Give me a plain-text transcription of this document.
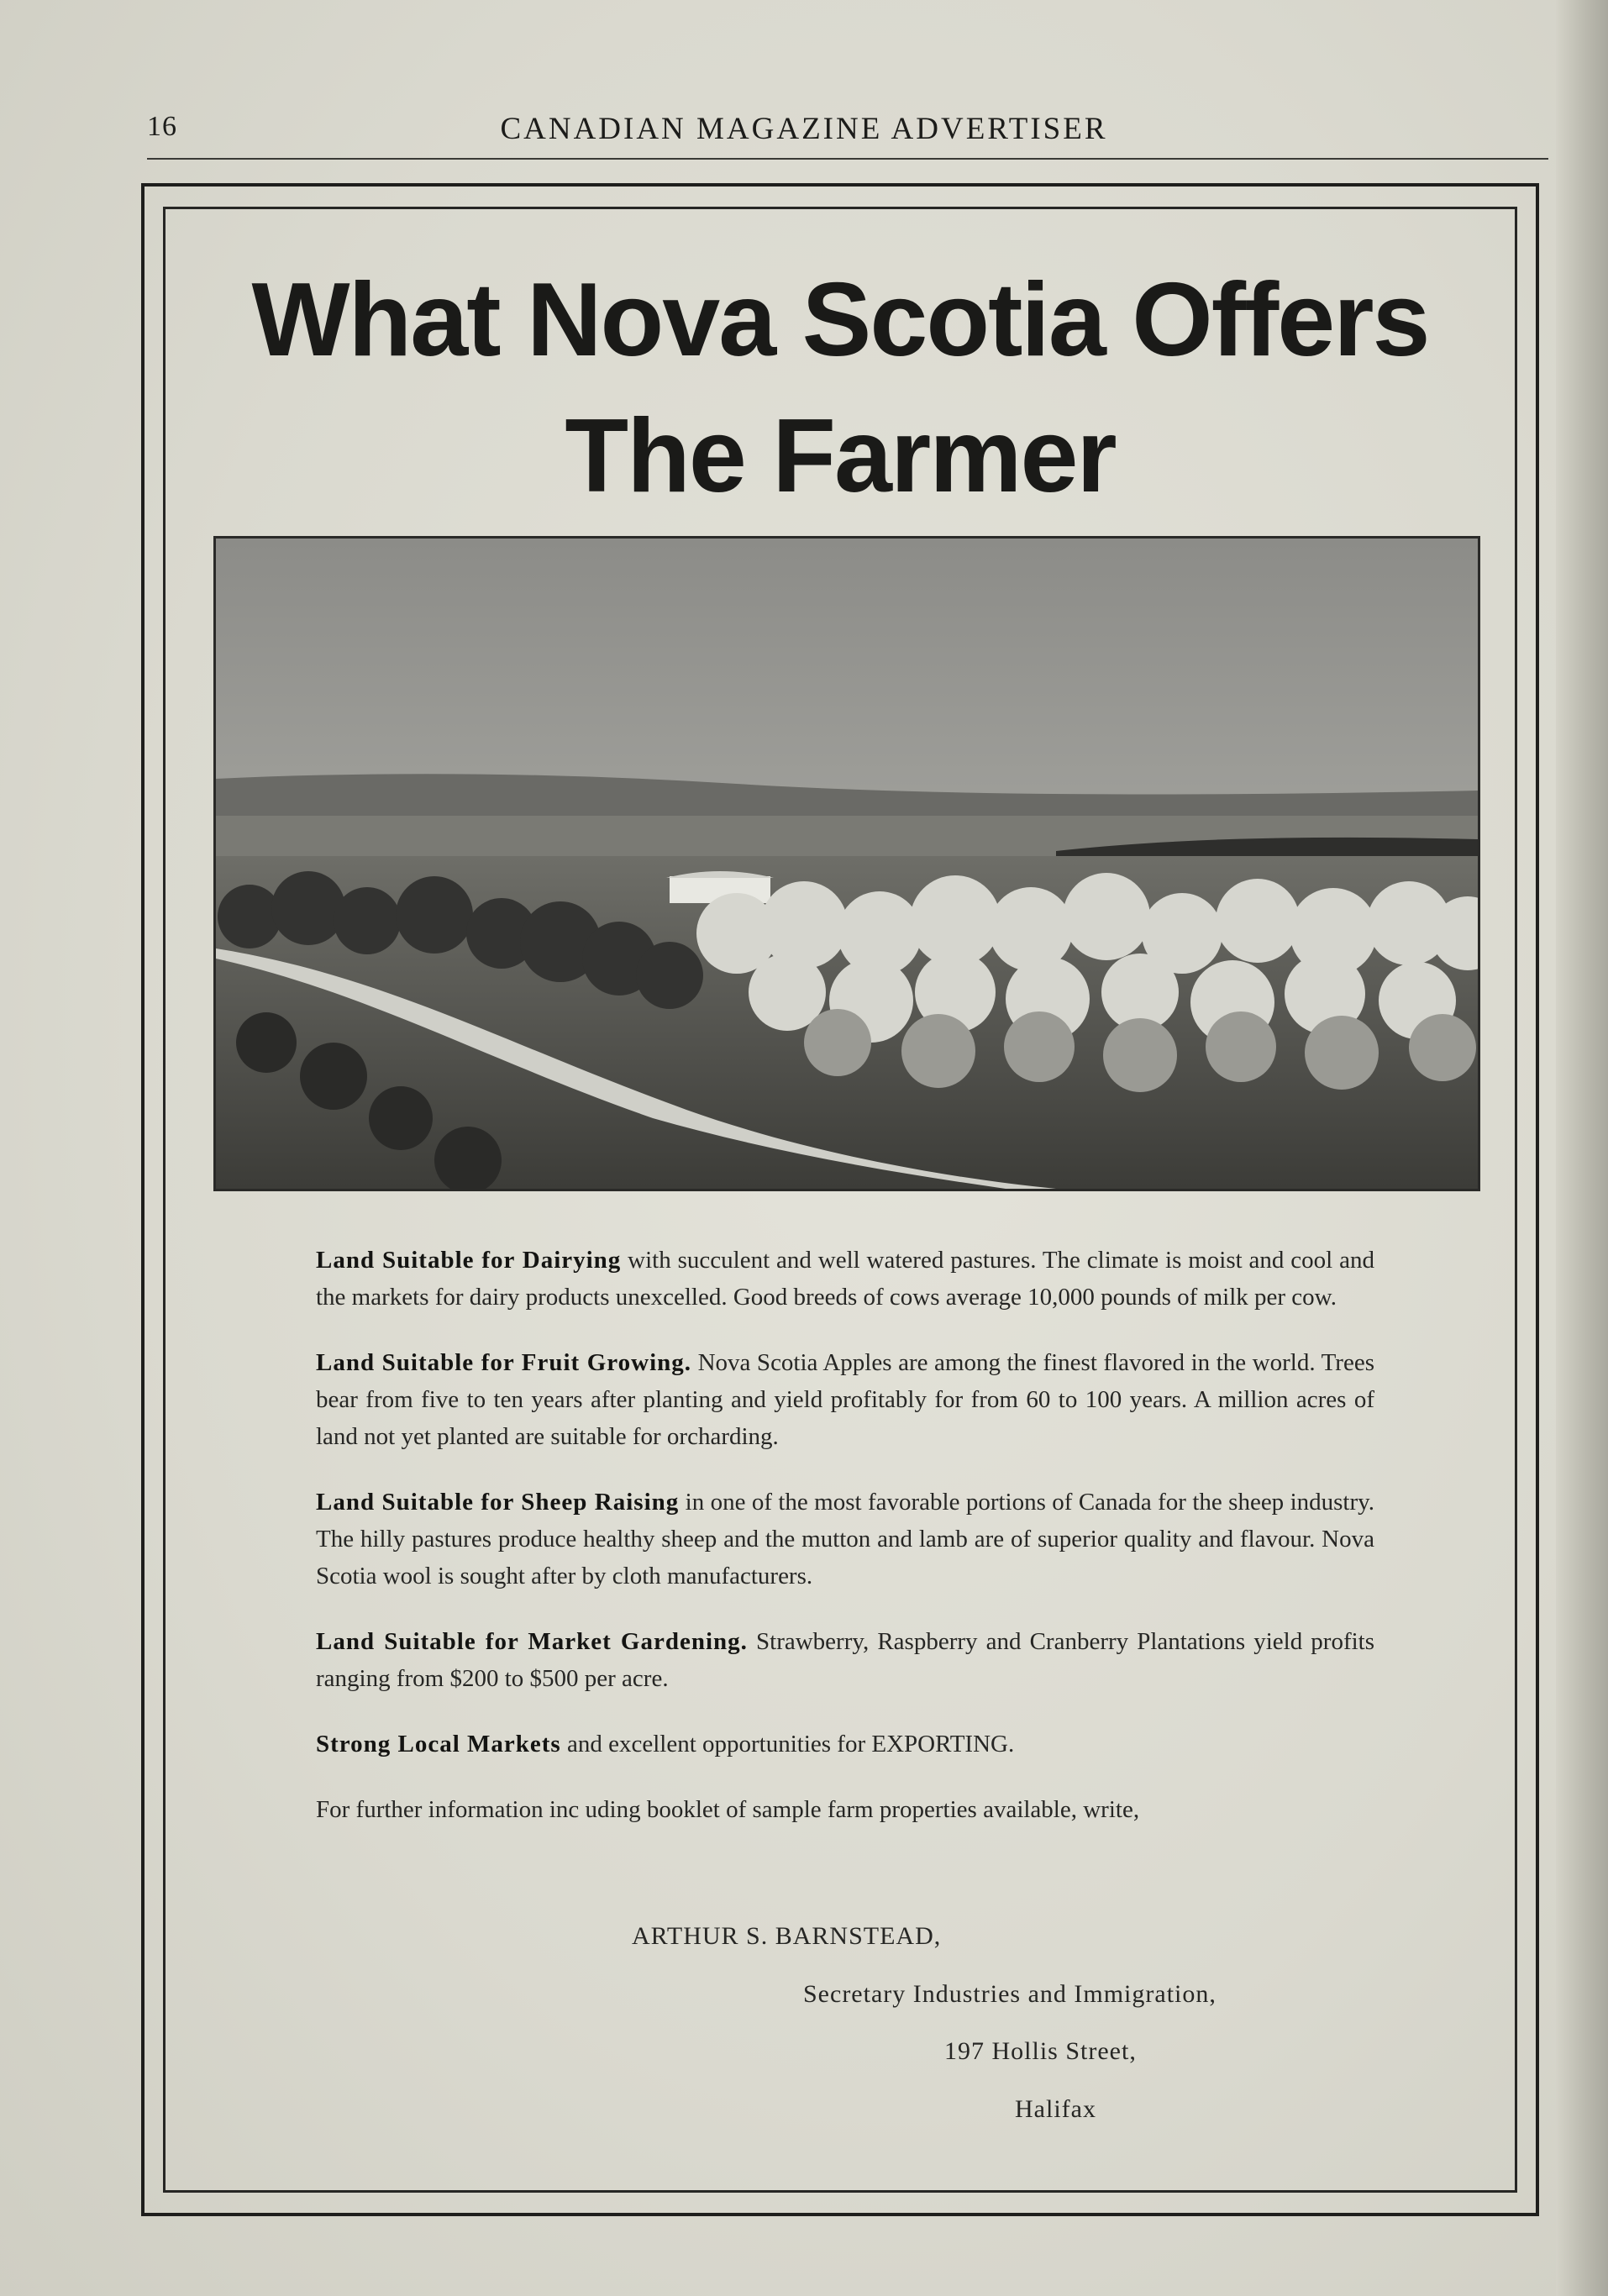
16	CANADIAN MAGAZINE ADVERTISER
What Nova Scotia Offers
The Farmer

Land Suitable for Dairying with succulent and well watered pastures. The climate is moist and cool and the markets for dairy products unexcelled. Good breeds of cows average 10,000 pounds of milk per cow.

Land Suitable for Fruit Growing. Nova Scotia Apples are among the finest flavored in the world. Trees bear from five to ten years after planting and yield profitably for from 60 to 100 years. A million acres of land not yet planted are suitable for orcharding.

Land Suitable for Sheep Raising in one of the most favorable portions of Canada for the sheep industry. The hilly pastures produce healthy sheep and the mutton and lamb are of superior quality and flavour. Nova Scotia wool is sought after by cloth manufacturers.

Land Suitable for Market Gardening. Strawberry, Raspberry and Cranberry Plantations yield profits ranging from $200 to $500 per acre.

Strong Local Markets and excellent opportunities for EXPORTING.

For further information inc uding booklet of sample farm properties available, write,

ARTHUR S. BARNSTEAD,
Secretary Industries and Immigration,
197 Hollis Street,
Halifax
